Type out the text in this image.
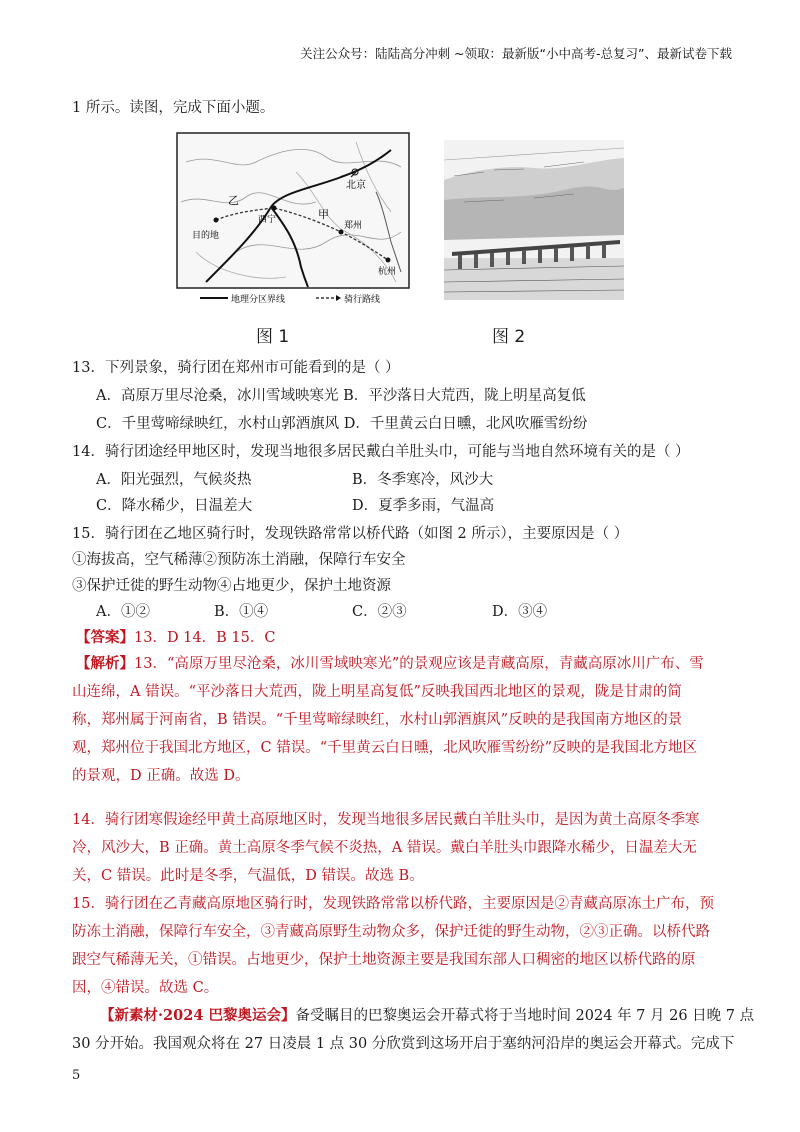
关注公众号：陆陆高分冲刺 ~领取：最新版“小中高考-总复习”、最新试卷下载
1 所示。读图，完成下面小题。
乙
甲
西宁
北京
郑州
杭州
目的地
地理分区界线	骑行路线
图 1	图 2
13．下列景象，骑行团在郑州市可能看到的是（ ）
A．高原万里尽沧桑，冰川雪域映寒光 B．平沙落日大荒西，陇上明星高复低
C．千里莺啼绿映红，水村山郭酒旗风 D．千里黄云白日曛，北风吹雁雪纷纷
14．骑行团途经甲地区时，发现当地很多居民戴白羊肚头巾，可能与当地自然环境有关的是（ ）
A．阳光强烈，气候炎热	B．冬季寒冷，风沙大
C．降水稀少，日温差大	D．夏季多雨，气温高
15．骑行团在乙地区骑行时，发现铁路常常以桥代路（如图 2 所示），主要原因是（ ）
①海拔高，空气稀薄②预防冻土消融，保障行车安全
③保护迁徙的野生动物④占地更少，保护土地资源
A．①②	B．①④	C．②③	D．③④
【答案】13．D 14．B 15．C
【解析】13．“高原万里尽沧桑，冰川雪域映寒光”的景观应该是青藏高原，青藏高原冰川广布、雪
山连绵，A 错误。“平沙落日大荒西，陇上明星高复低”反映我国西北地区的景观，陇是甘肃的简
称，郑州属于河南省，B 错误。“千里莺啼绿映红，水村山郭酒旗风”反映的是我国南方地区的景
观，郑州位于我国北方地区，C 错误。“千里黄云白日曛，北风吹雁雪纷纷”反映的是我国北方地区
的景观，D 正确。故选 D。
14．骑行团寒假途经甲黄土高原地区时，发现当地很多居民戴白羊肚头巾，是因为黄土高原冬季寒
冷，风沙大，B 正确。黄土高原冬季气候不炎热，A 错误。戴白羊肚头巾跟降水稀少，日温差大无
关，C 错误。此时是冬季，气温低，D 错误。故选 B。
15．骑行团在乙青藏高原地区骑行时，发现铁路常常以桥代路，主要原因是②青藏高原冻土广布，预
防冻土消融，保障行车安全，③青藏高原野生动物众多，保护迁徙的野生动物，②③正确。以桥代路
跟空气稀薄无关，①错误。占地更少，保护土地资源主要是我国东部人口稠密的地区以桥代路的原
因，④错误。故选 C。
【新素材·2024 巴黎奥运会】备受瞩目的巴黎奥运会开幕式将于当地时间 2024 年 7 月 26 日晚 7 点
30 分开始。我国观众将在 27 日凌晨 1 点 30 分欣赏到这场开启于塞纳河沿岸的奥运会开幕式。完成下
5
